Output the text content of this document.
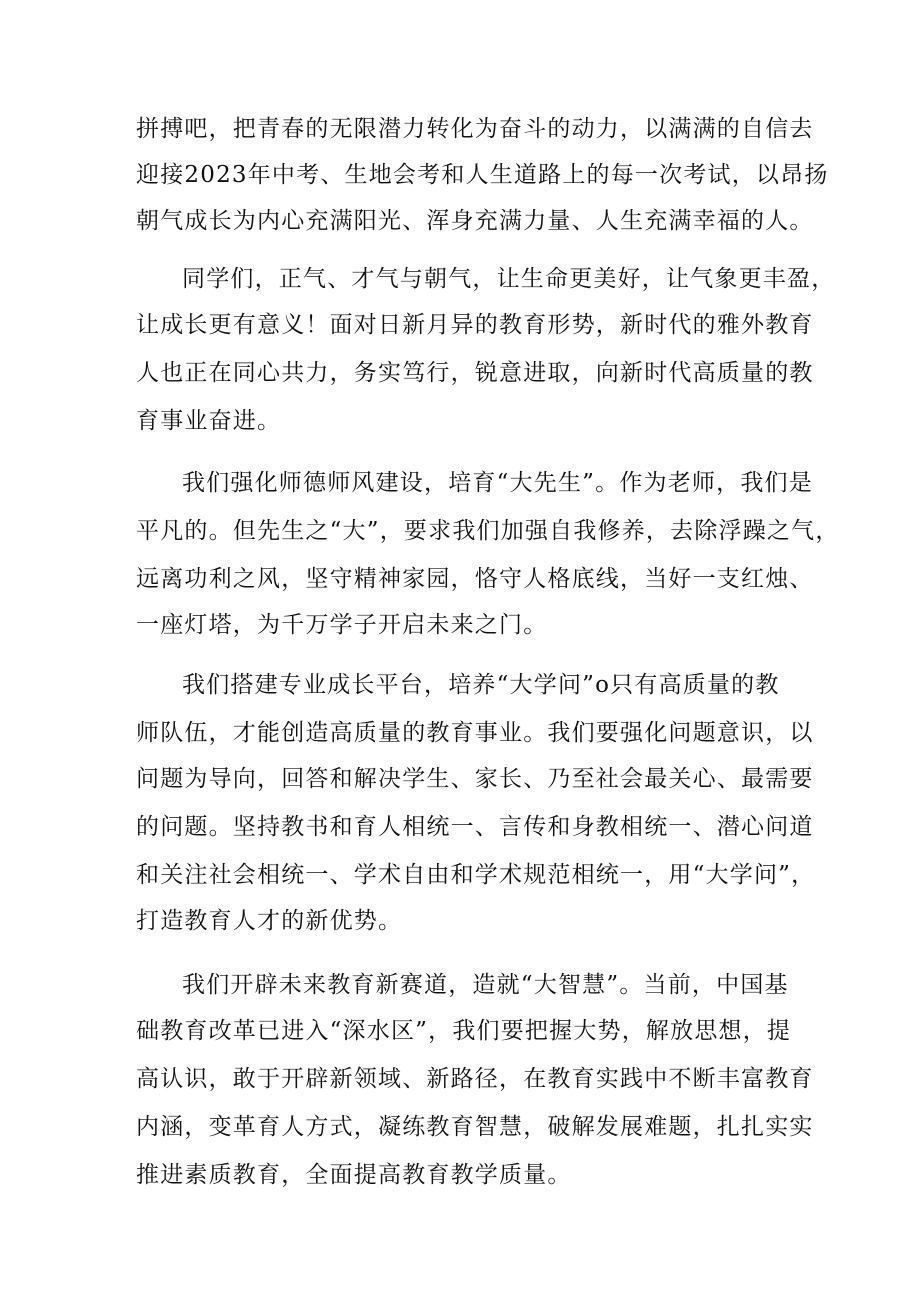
拼搏吧，把青春的无限潜力转化为奋斗的动力，以满满的自信去
迎接2023年中考、生地会考和人生道路上的每一次考试，以昂扬
朝气成长为内心充满阳光、浑身充满力量、人生充满幸福的人。
同学们，正气、才气与朝气，让生命更美好，让气象更丰盈，
让成长更有意义！面对日新月异的教育形势，新时代的雅外教育
人也正在同心共力，务实笃行，锐意进取，向新时代高质量的教
育事业奋进。
我们强化师德师风建设，培育“大先生”。作为老师，我们是
平凡的。但先生之“大”，要求我们加强自我修养，去除浮躁之气，
远离功利之风，坚守精神家园，恪守人格底线，当好一支红烛、
一座灯塔，为千万学子开启未来之门。
我们搭建专业成长平台，培养“大学问”o只有高质量的教
师队伍，才能创造高质量的教育事业。我们要强化问题意识，以
问题为导向，回答和解决学生、家长、乃至社会最关心、最需要
的问题。坚持教书和育人相统一、言传和身教相统一、潜心问道
和关注社会相统一、学术自由和学术规范相统一，用“大学问”，
打造教育人才的新优势。
我们开辟未来教育新赛道，造就“大智慧”。当前，中国基
础教育改革已进入“深水区”，我们要把握大势，解放思想，提
高认识，敢于开辟新领域、新路径，在教育实践中不断丰富教育
内涵，变革育人方式，凝练教育智慧，破解发展难题，扎扎实实
推进素质教育，全面提高教育教学质量。
